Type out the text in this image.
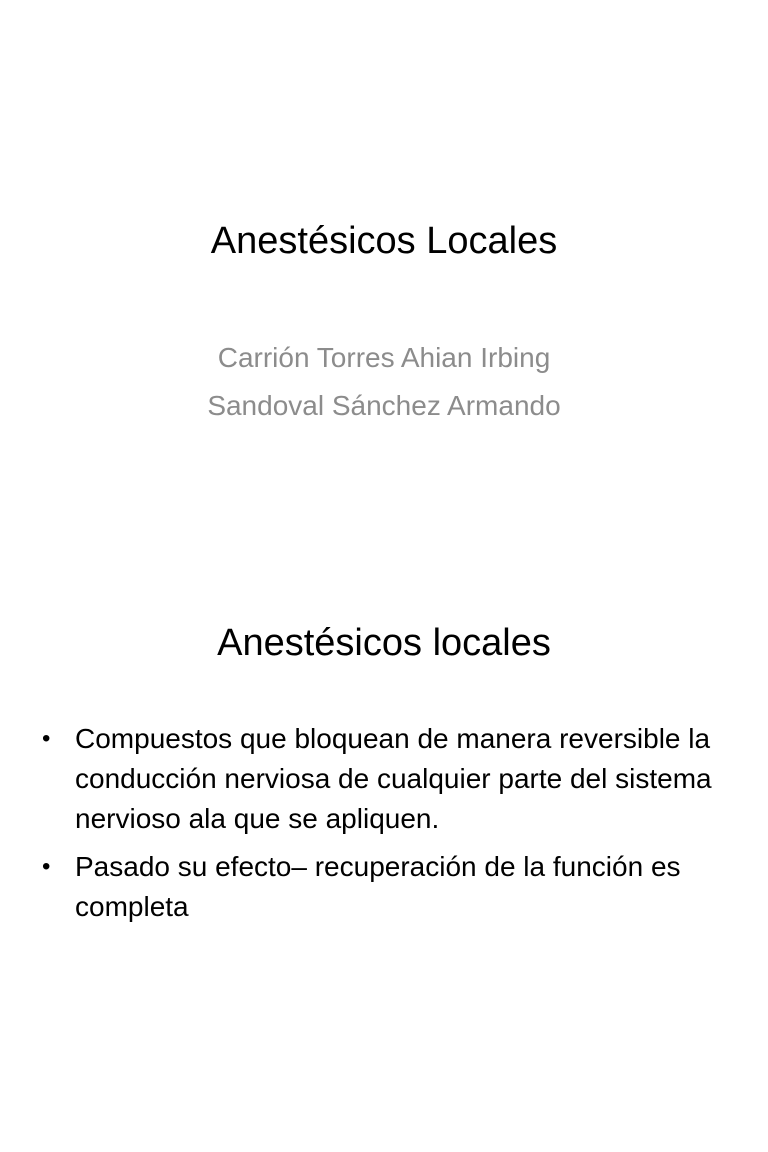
Anestésicos Locales
Carrión Torres Ahian Irbing
Sandoval Sánchez Armando
Anestésicos locales
• Compuestos que bloquean de manera reversible la conducción nerviosa de cualquier parte del sistema nervioso ala que se apliquen.
• Pasado su efecto– recuperación de la función es completa
